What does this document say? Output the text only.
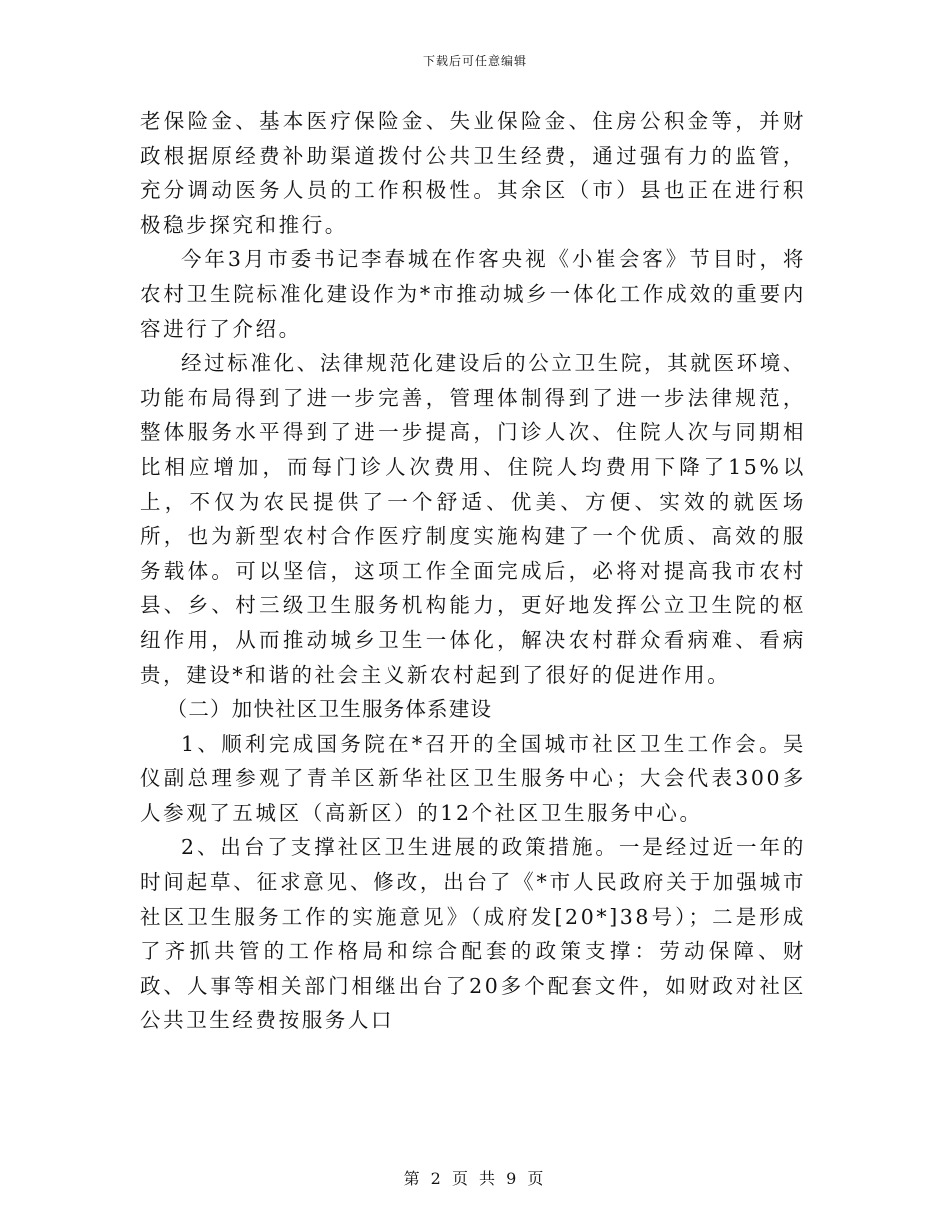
下载后可任意编辑

老保险金、基本医疗保险金、失业保险金、住房公积金等，并财政根据原经费补助渠道拨付公共卫生经费，通过强有力的监管，充分调动医务人员的工作积极性。其余区（市）县也正在进行积极稳步探究和推行。

今年3月市委书记李春城在作客央视《小崔会客》节目时，将农村卫生院标准化建设作为*市推动城乡一体化工作成效的重要内容进行了介绍。

经过标准化、法律规范化建设后的公立卫生院，其就医环境、功能布局得到了进一步完善，管理体制得到了进一步法律规范，整体服务水平得到了进一步提高，门诊人次、住院人次与同期相比相应增加，而每门诊人次费用、住院人均费用下降了15%以上，不仅为农民提供了一个舒适、优美、方便、实效的就医场所，也为新型农村合作医疗制度实施构建了一个优质、高效的服务载体。可以坚信，这项工作全面完成后，必将对提高我市农村县、乡、村三级卫生服务机构能力，更好地发挥公立卫生院的枢纽作用，从而推动城乡卫生一体化，解决农村群众看病难、看病贵，建设*和谐的社会主义新农村起到了很好的促进作用。

（二）加快社区卫生服务体系建设

1、顺利完成国务院在*召开的全国城市社区卫生工作会。吴仪副总理参观了青羊区新华社区卫生服务中心；大会代表300多人参观了五城区（高新区）的12个社区卫生服务中心。

2、出台了支撑社区卫生进展的政策措施。一是经过近一年的时间起草、征求意见、修改，出台了《*市人民政府关于加强城市社区卫生服务工作的实施意见》（成府发[20*]38号）；二是形成了齐抓共管的工作格局和综合配套的政策支撑：劳动保障、财政、人事等相关部门相继出台了20多个配套文件，如财政对社区公共卫生经费按服务人口

第 2 页 共 9 页
